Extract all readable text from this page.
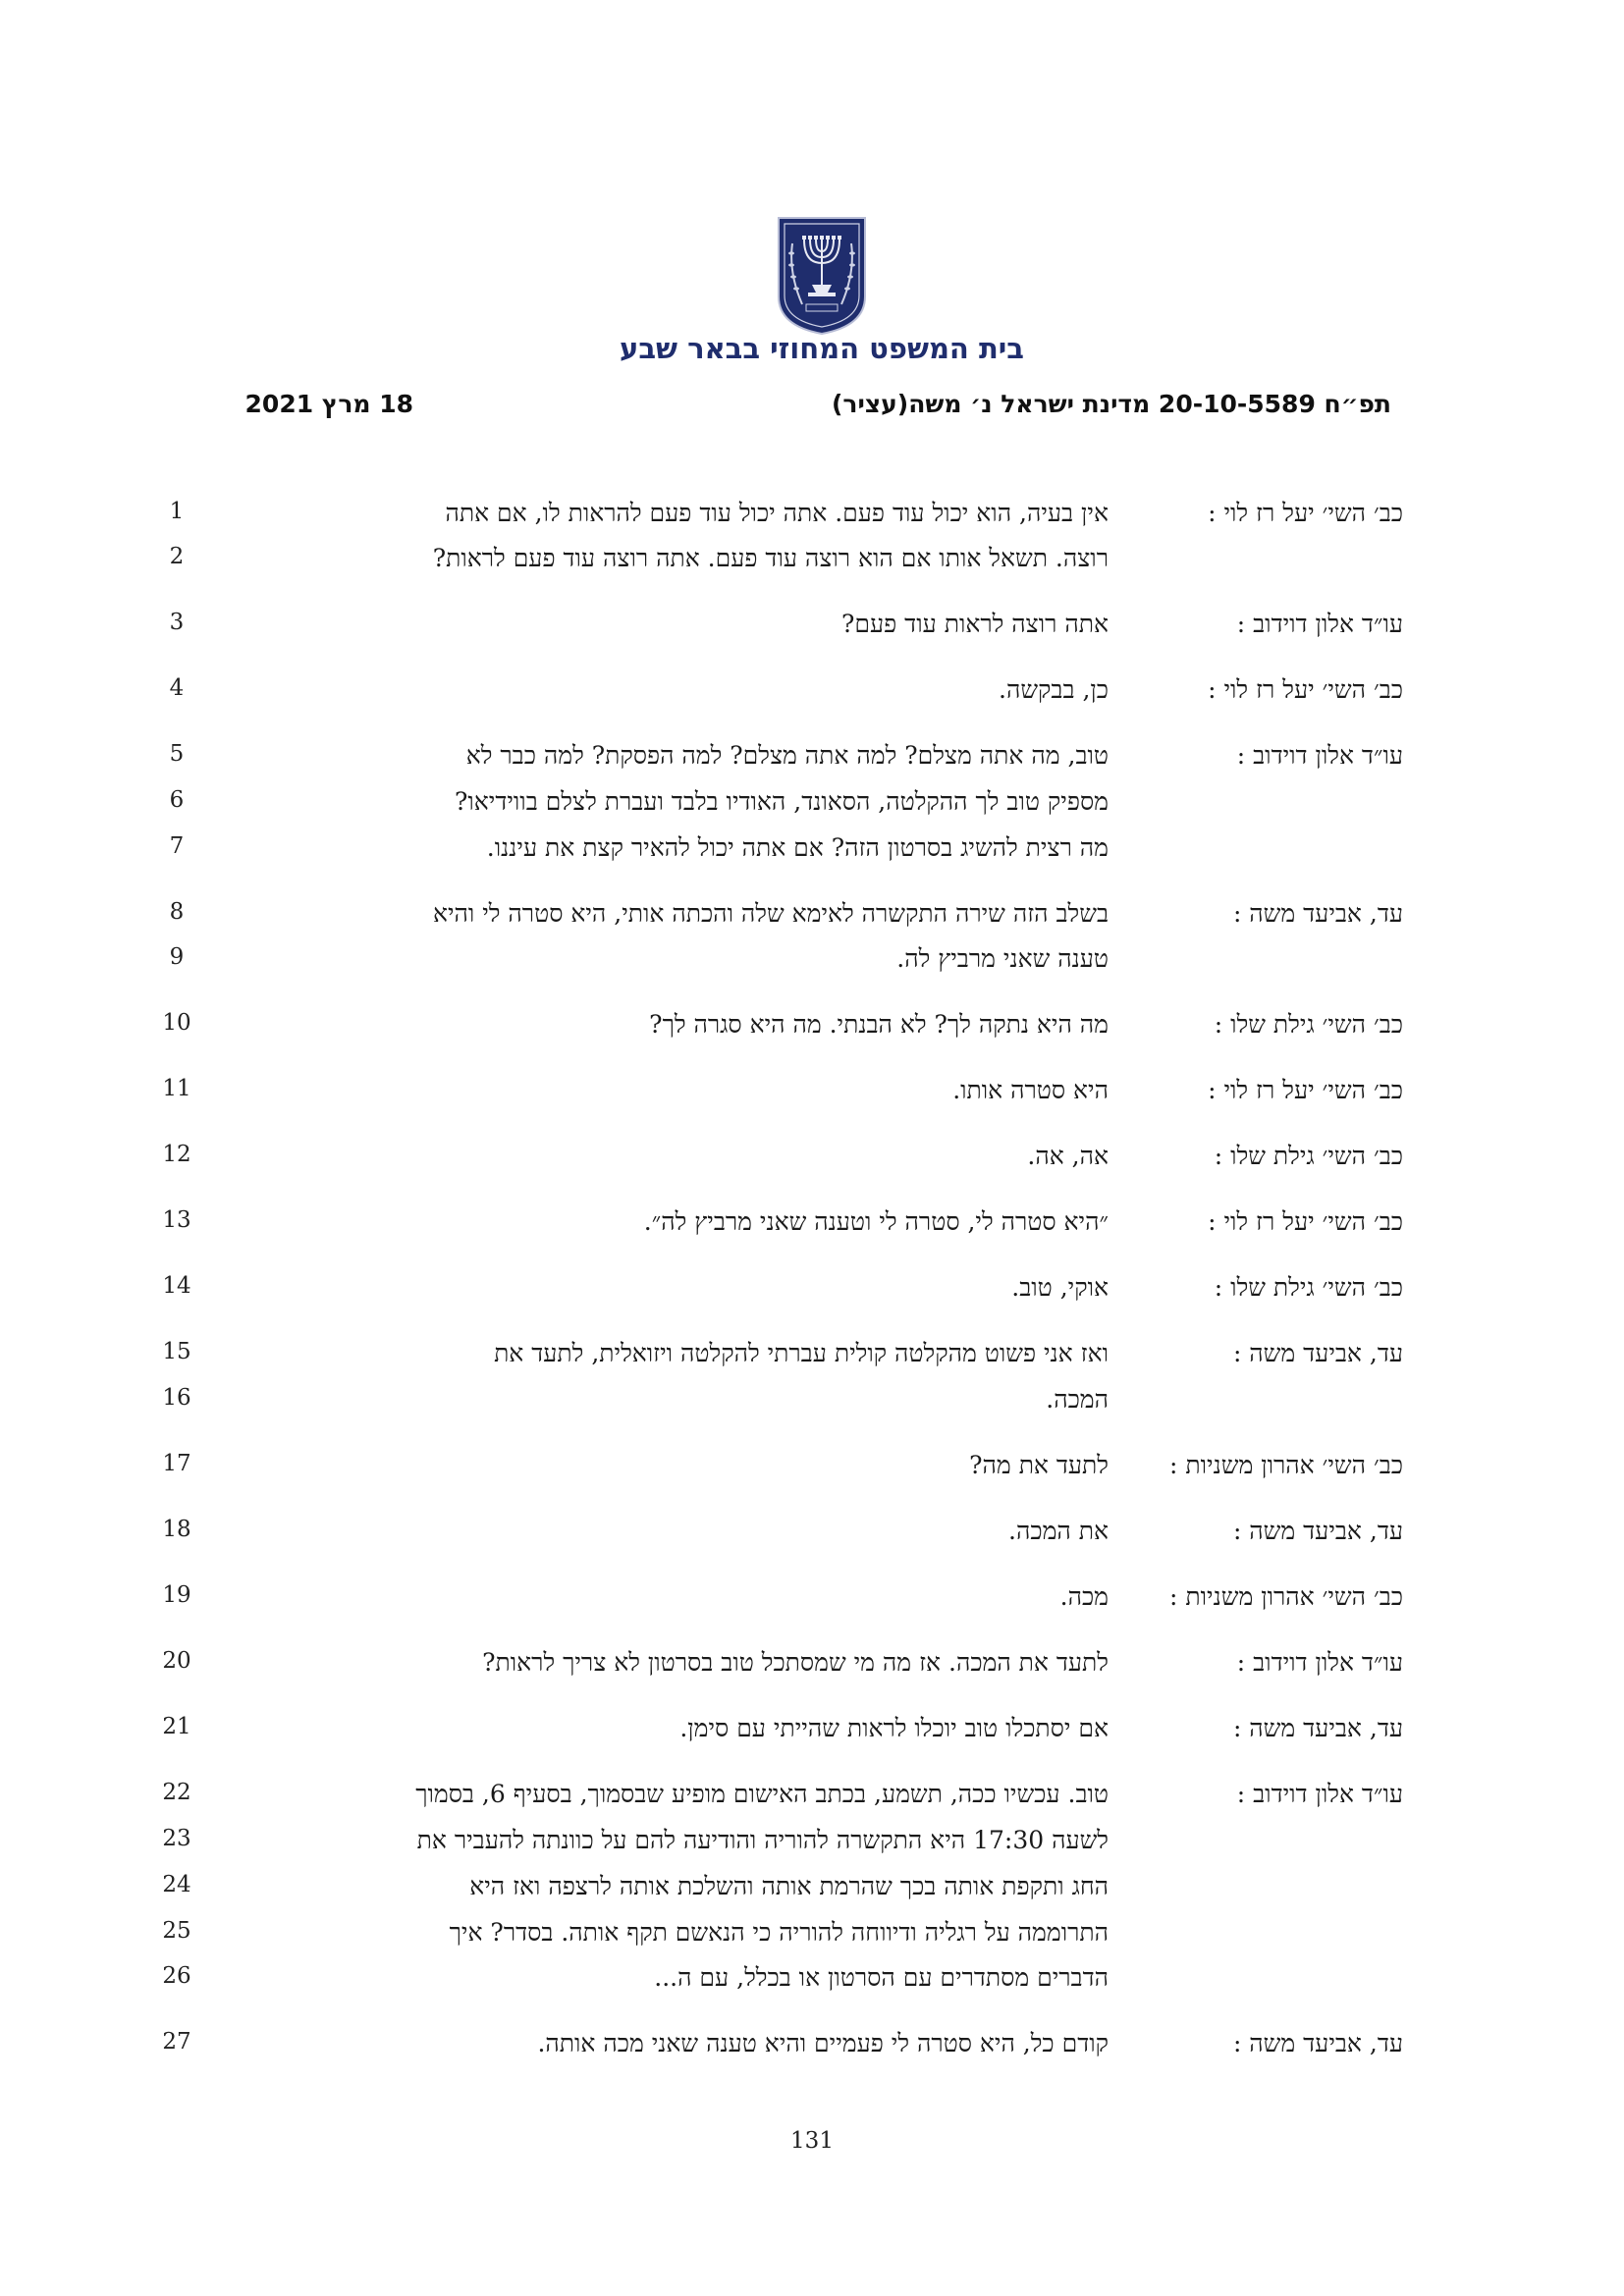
בית המשפט המחוזי בבאר שבע
תפ״ח 20-10-5589 מדינת ישראל נ׳ משה(עציר)
18 מרץ 2021
כב׳ השי׳ יעל רז לוי :
1	אין בעיה, הוא יכול עוד פעם. אתה יכול עוד פעם להראות לו, אם אתה
2	רוצה. תשאל אותו אם הוא רוצה עוד פעם. אתה רוצה עוד פעם לראות?
עו״ד אלון דוידוב :
3	אתה רוצה לראות עוד פעם?
כב׳ השי׳ יעל רז לוי :
4	כן, בבקשה.
עו״ד אלון דוידוב :
5	טוב, מה אתה מצלם? למה אתה מצלם? למה הפסקת? למה כבר לא
6	מספיק טוב לך ההקלטה, הסאונד, האודיו בלבד ועברת לצלם בווידיאו?
7	מה רצית להשיג בסרטון הזה? אם אתה יכול להאיר קצת את עיננו.
עד, אביעד משה :
8	בשלב הזה שירה התקשרה לאימא שלה והכתה אותי, היא סטרה לי והיא
9	טענה שאני מרביץ לה.
כב׳ השי׳ גילת שלו :
10	מה היא נתקה לך? לא הבנתי. מה היא סגרה לך?
כב׳ השי׳ יעל רז לוי :
11	היא סטרה אותו.
כב׳ השי׳ גילת שלו :
12	אה, אה.
כב׳ השי׳ יעל רז לוי :
13	״היא סטרה לי, סטרה לי וטענה שאני מרביץ לה״.
כב׳ השי׳ גילת שלו :
14	אוקי, טוב.
עד, אביעד משה :
15	ואז אני פשוט מהקלטה קולית עברתי להקלטה ויזואלית, לתעד את
16	המכה.
כב׳ השי׳ אהרון משניות :
17	לתעד את מה?
עד, אביעד משה :
18	את המכה.
כב׳ השי׳ אהרון משניות :
19	מכה.
עו״ד אלון דוידוב :
20	לתעד את המכה. אז מה מי שמסתכל טוב בסרטון לא צריך לראות?
עד, אביעד משה :
21	אם יסתכלו טוב יוכלו לראות שהייתי עם סימן.
עו״ד אלון דוידוב :
22	טוב. עכשיו ככה, תשמע, בכתב האישום מופיע שבסמוך, בסעיף 6, בסמוך
23	לשעה 17:30 היא התקשרה להוריה והודיעה להם על כוונתה להעביר את
24	החג ותקפת אותה בכך שהרמת אותה והשלכת אותה לרצפה ואז היא
25	התרוממה על רגליה ודיווחה להוריה כי הנאשם תקף אותה. בסדר? איך
26	הדברים מסתדרים עם הסרטון או בכלל, עם ה...
עד, אביעד משה :
27	קודם כל, היא סטרה לי פעמיים והיא טענה שאני מכה אותה.
131
